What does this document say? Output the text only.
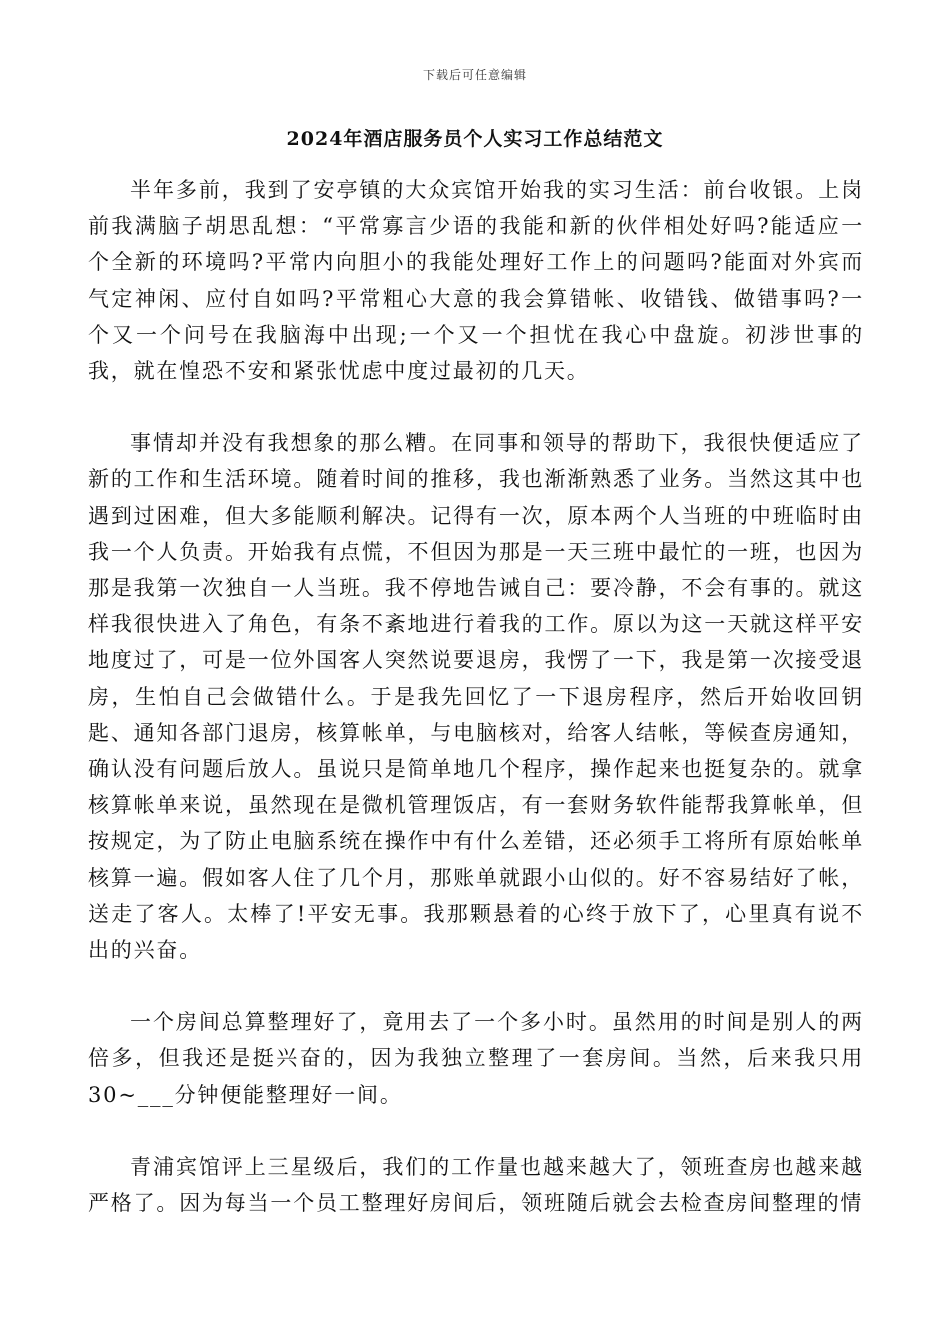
下载后可任意编辑
2024年酒店服务员个人实习工作总结范文

半年多前，我到了安亭镇的大众宾馆开始我的实习生活：前台收银。上岗前我满脑子胡思乱想：“平常寡言少语的我能和新的伙伴相处好吗?能适应一个全新的环境吗?平常内向胆小的我能处理好工作上的问题吗?能面对外宾而气定神闲、应付自如吗?平常粗心大意的我会算错帐、收错钱、做错事吗?一个又一个问号在我脑海中出现;一个又一个担忧在我心中盘旋。初涉世事的我，就在惶恐不安和紧张忧虑中度过最初的几天。

事情却并没有我想象的那么糟。在同事和领导的帮助下，我很快便适应了新的工作和生活环境。随着时间的推移，我也渐渐熟悉了业务。当然这其中也遇到过困难，但大多能顺利解决。记得有一次，原本两个人当班的中班临时由我一个人负责。开始我有点慌，不但因为那是一天三班中最忙的一班，也因为那是我第一次独自一人当班。我不停地告诫自己：要冷静，不会有事的。就这样我很快进入了角色，有条不紊地进行着我的工作。原以为这一天就这样平安地度过了，可是一位外国客人突然说要退房，我愣了一下，我是第一次接受退房，生怕自己会做错什么。于是我先回忆了一下退房程序，然后开始收回钥匙、通知各部门退房，核算帐单，与电脑核对，给客人结帐，等候查房通知，确认没有问题后放人。虽说只是简单地几个程序，操作起来也挺复杂的。就拿核算帐单来说，虽然现在是微机管理饭店，有一套财务软件能帮我算帐单，但按规定，为了防止电脑系统在操作中有什么差错，还必须手工将所有原始帐单核算一遍。假如客人住了几个月，那账单就跟小山似的。好不容易结好了帐，送走了客人。太棒了!平安无事。我那颗悬着的心终于放下了，心里真有说不出的兴奋。

一个房间总算整理好了，竟用去了一个多小时。虽然用的时间是别人的两倍多，但我还是挺兴奋的，因为我独立整理了一套房间。当然，后来我只用30~___分钟便能整理好一间。

青浦宾馆评上三星级后，我们的工作量也越来越大了，领班查房也越来越严格了。因为每当一个员工整理好房间后，领班随后就会去检查房间整理的情
